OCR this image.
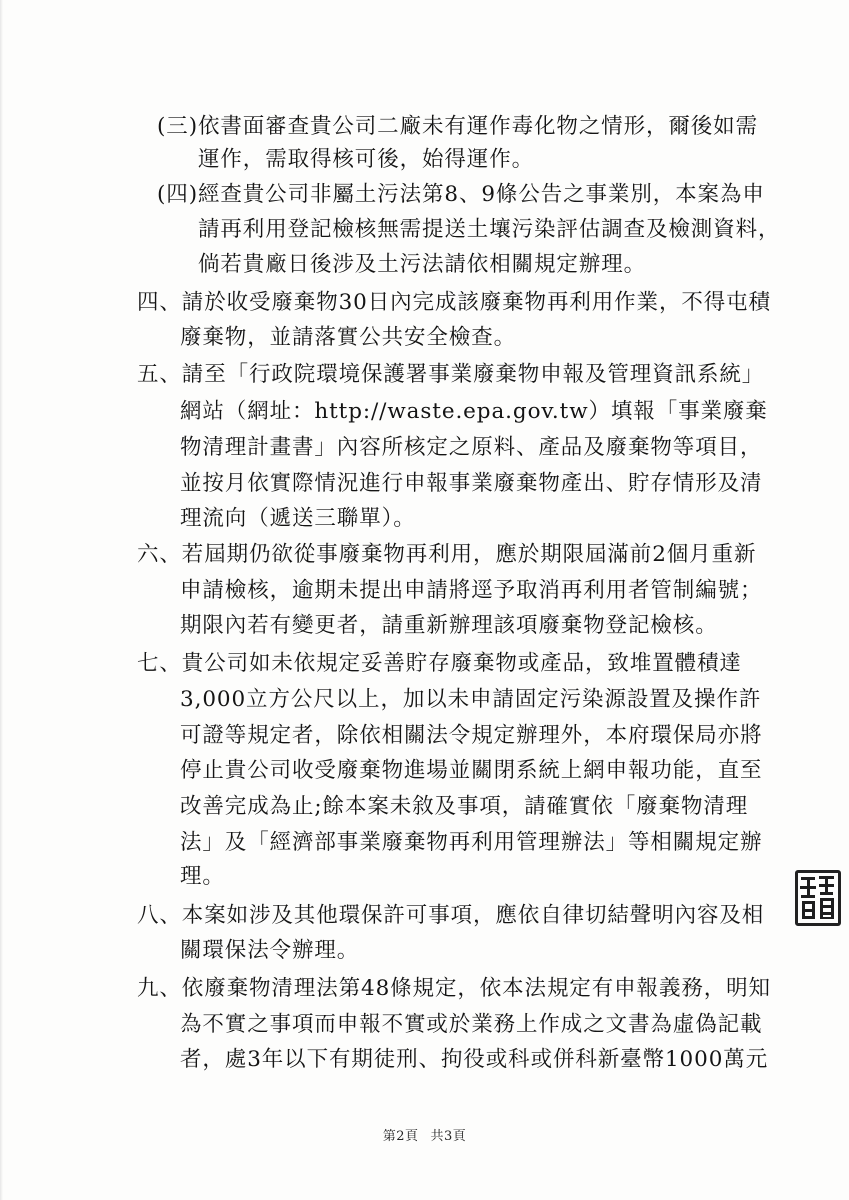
(三)依書面審查貴公司二廠未有運作毒化物之情形，爾後如需
運作，需取得核可後，始得運作。
(四)經查貴公司非屬土污法第8、9條公告之事業別，本案為申
請再利用登記檢核無需提送土壤污染評估調查及檢測資料，
倘若貴廠日後涉及土污法請依相關規定辦理。
四、請於收受廢棄物30日內完成該廢棄物再利用作業，不得屯積
廢棄物，並請落實公共安全檢查。
五、請至「行政院環境保護署事業廢棄物申報及管理資訊系統」
網站（網址：http://waste.epa.gov.tw）填報「事業廢棄
物清理計畫書」內容所核定之原料、產品及廢棄物等項目，
並按月依實際情況進行申報事業廢棄物產出、貯存情形及清
理流向（遞送三聯單）。
六、若屆期仍欲從事廢棄物再利用，應於期限屆滿前2個月重新
申請檢核，逾期未提出申請將逕予取消再利用者管制編號；
期限內若有變更者，請重新辦理該項廢棄物登記檢核。
七、貴公司如未依規定妥善貯存廢棄物或產品，致堆置體積達
3,000立方公尺以上，加以未申請固定污染源設置及操作許
可證等規定者，除依相關法令規定辦理外，本府環保局亦將
停止貴公司收受廢棄物進場並關閉系統上網申報功能，直至
改善完成為止;餘本案未敘及事項，請確實依「廢棄物清理
法」及「經濟部事業廢棄物再利用管理辦法」等相關規定辦
理。
八、本案如涉及其他環保許可事項，應依自律切結聲明內容及相
關環保法令辦理。
九、依廢棄物清理法第48條規定，依本法規定有申報義務，明知
為不實之事項而申報不實或於業務上作成之文書為虛偽記載
者，處3年以下有期徒刑、拘役或科或併科新臺幣1000萬元
第2頁 共3頁
